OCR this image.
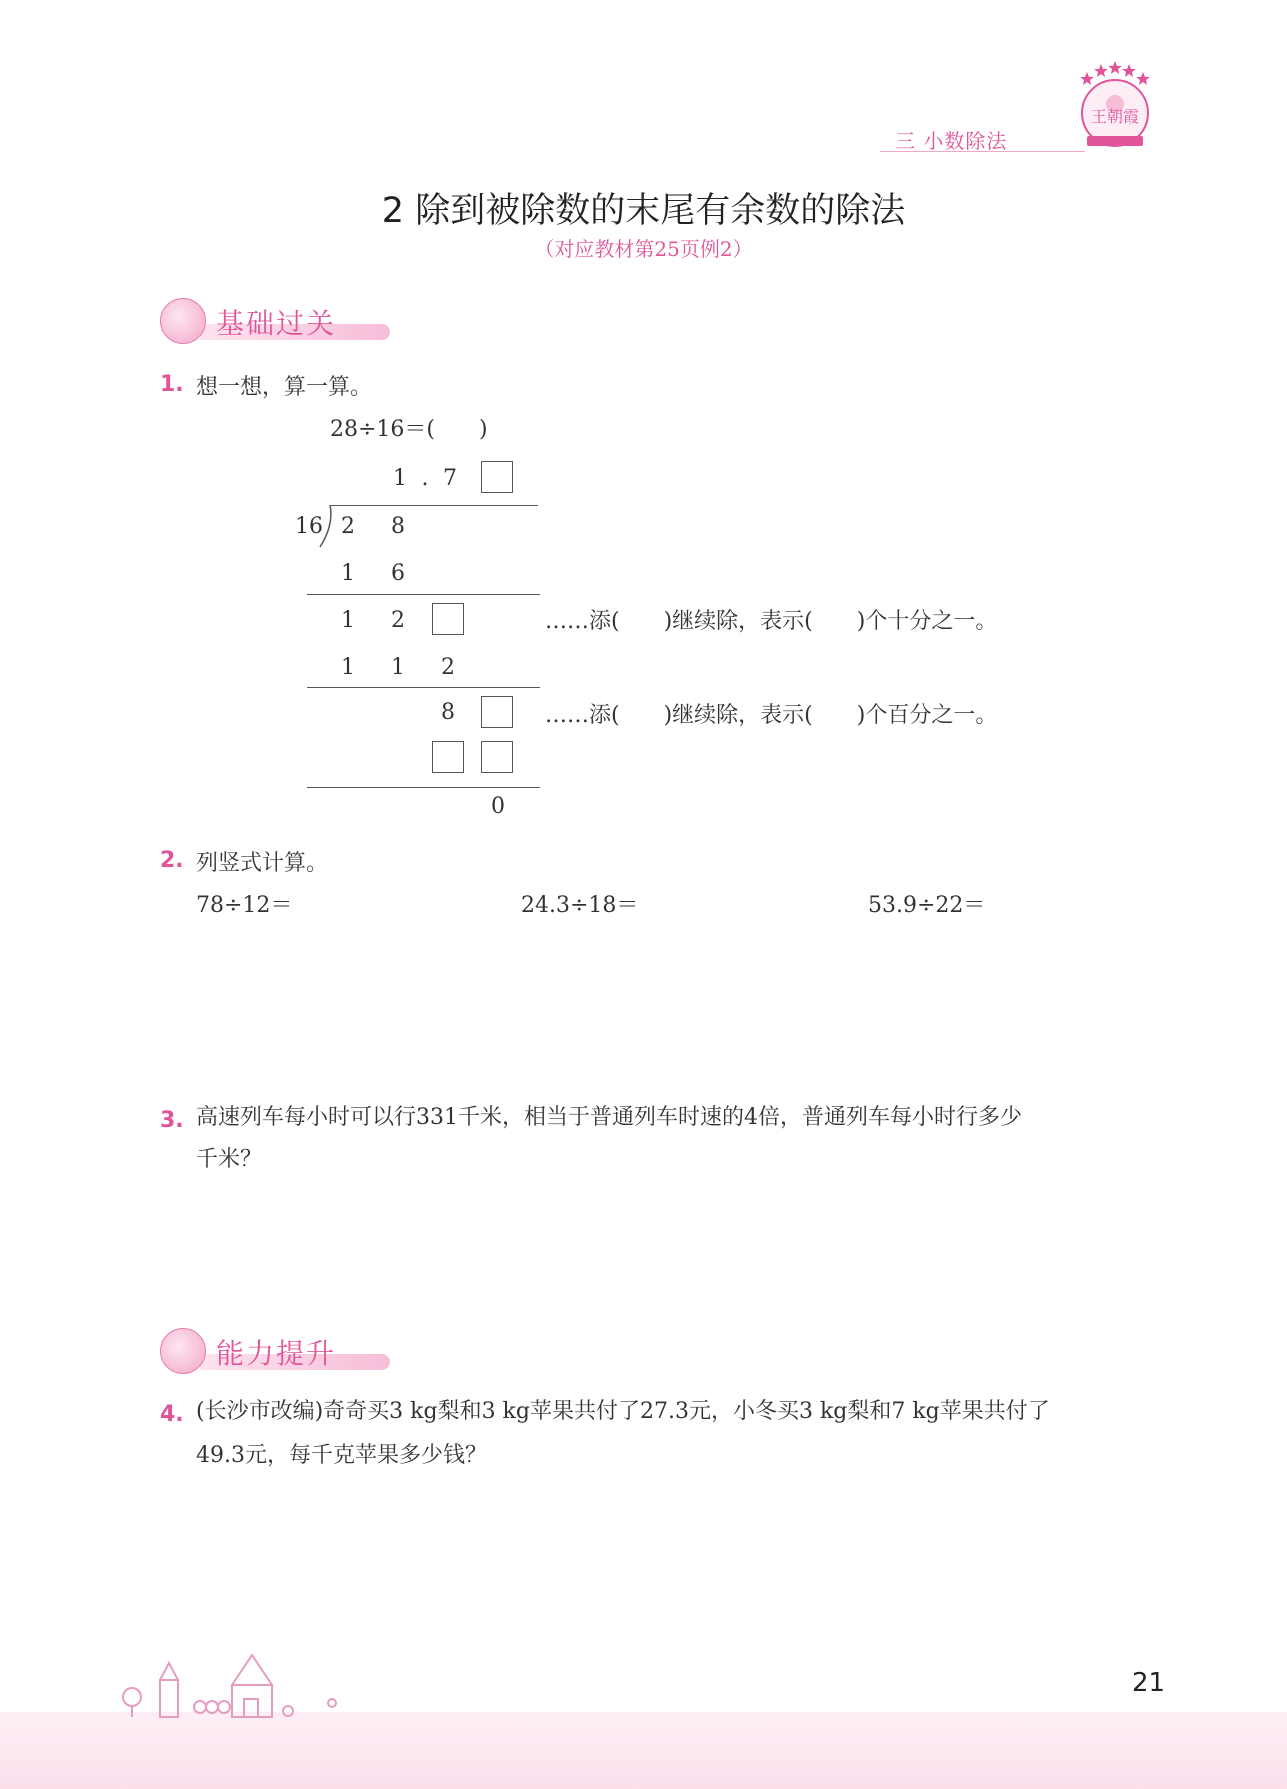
三 小数除法
王朝霞
2 除到被除数的末尾有余数的除法
（对应教材第25页例2）
基础过关
1. 想一想，算一算。
28÷16＝(　　)
1 . 7
16 2	8
1	6
1	2	……添(　　)继续除，表示(　　)个十分之一。
1	1	2
8	……添(　　)继续除，表示(　　)个百分之一。
0
2. 列竖式计算。
78÷12＝	24.3÷18＝	53.9÷22＝
3. 高速列车每小时可以行331千米，相当于普通列车时速的4倍，普通列车每小时行多少
千米？
能力提升
4. (长沙市改编)奇奇买3 kg梨和3 kg苹果共付了27.3元，小冬买3 kg梨和7 kg苹果共付了
49.3元，每千克苹果多少钱？
21
